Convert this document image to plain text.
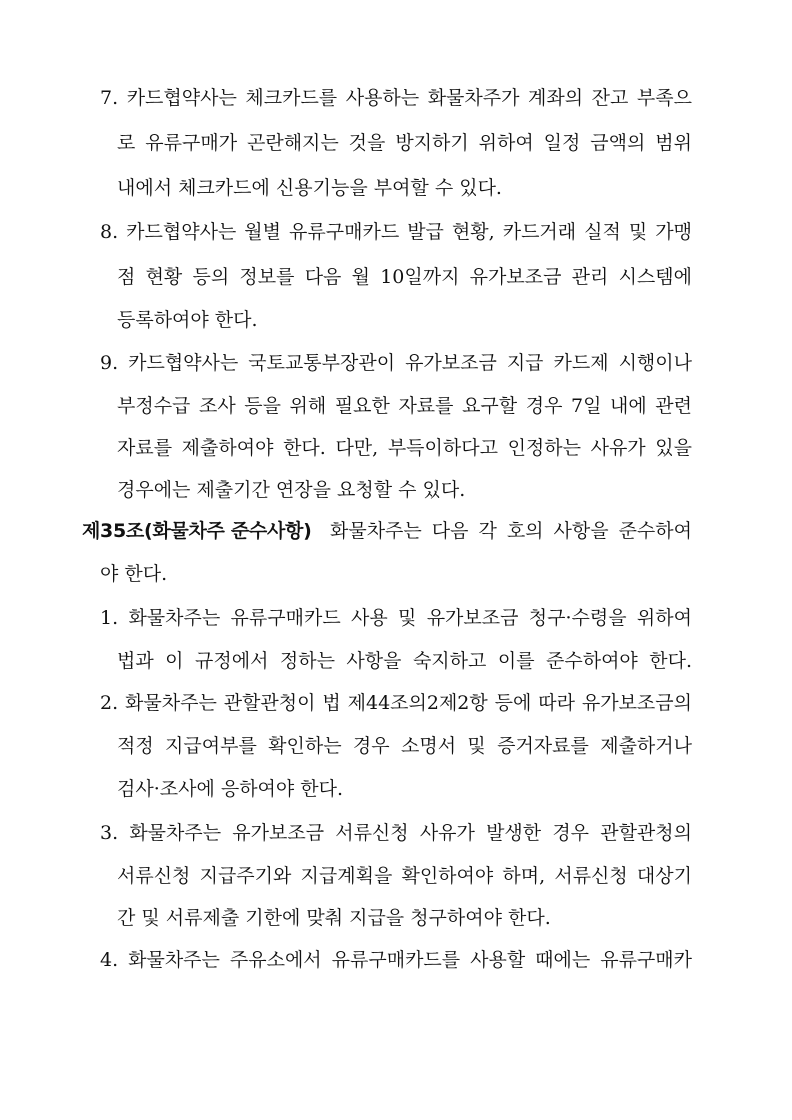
7. 카드협약사는 체크카드를 사용하는 화물차주가 계좌의 잔고 부족으
로 유류구매가 곤란해지는 것을 방지하기 위하여 일정 금액의 범위
내에서 체크카드에 신용기능을 부여할 수 있다.
8. 카드협약사는 월별 유류구매카드 발급 현황, 카드거래 실적 및 가맹
점 현황 등의 정보를 다음 월 10일까지 유가보조금 관리 시스템에
등록하여야 한다.
9. 카드협약사는 국토교통부장관이 유가보조금 지급 카드제 시행이나
부정수급 조사 등을 위해 필요한 자료를 요구할 경우 7일 내에 관련
자료를 제출하여야 한다. 다만, 부득이하다고 인정하는 사유가 있을
경우에는 제출기간 연장을 요청할 수 있다.
제35조(화물차주 준수사항) 화물차주는 다음 각 호의 사항을 준수하여
야 한다.
1. 화물차주는 유류구매카드 사용 및 유가보조금 청구·수령을 위하여
법과 이 규정에서 정하는 사항을 숙지하고 이를 준수하여야 한다.
2. 화물차주는 관할관청이 법 제44조의2제2항 등에 따라 유가보조금의
적정 지급여부를 확인하는 경우 소명서 및 증거자료를 제출하거나
검사·조사에 응하여야 한다.
3. 화물차주는 유가보조금 서류신청 사유가 발생한 경우 관할관청의
서류신청 지급주기와 지급계획을 확인하여야 하며, 서류신청 대상기
간 및 서류제출 기한에 맞춰 지급을 청구하여야 한다.
4. 화물차주는 주유소에서 유류구매카드를 사용할 때에는 유류구매카
